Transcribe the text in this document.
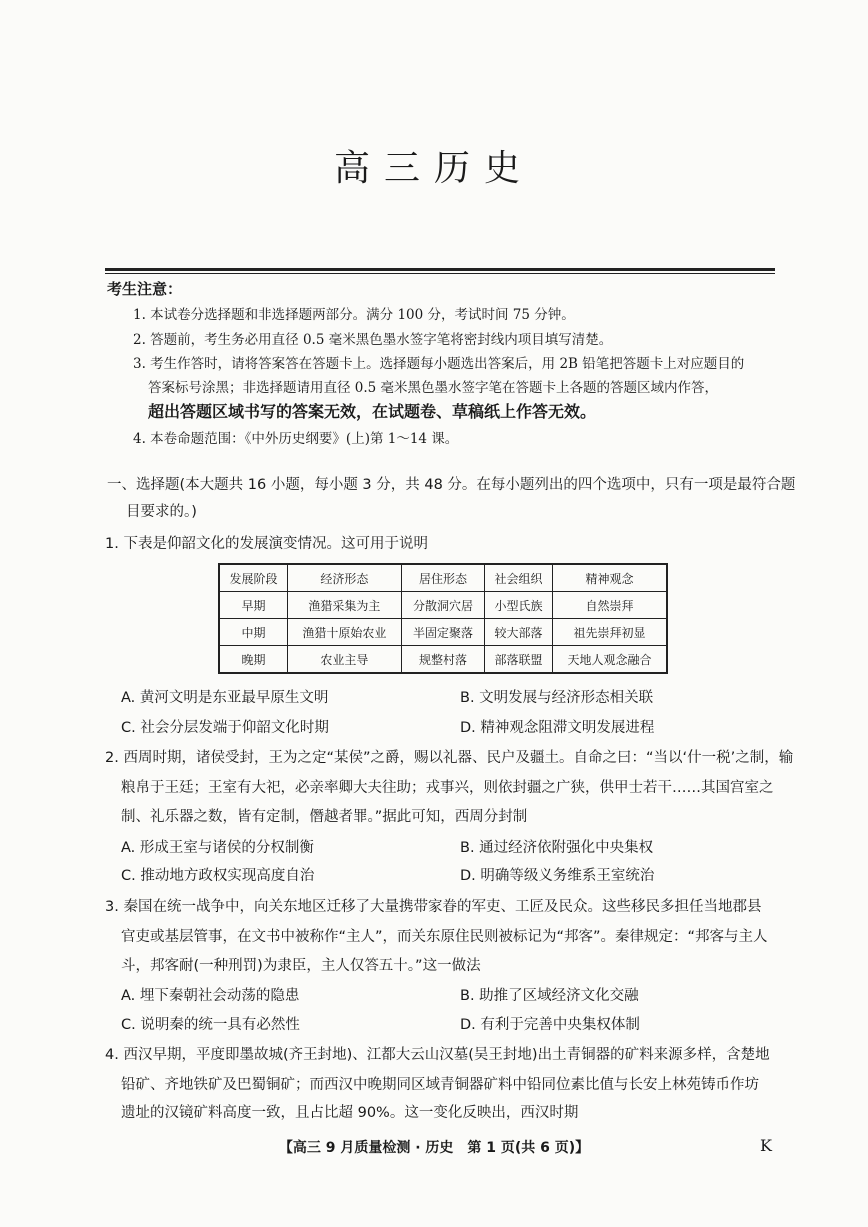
高三历史
考生注意：
1. 本试卷分选择题和非选择题两部分。满分 100 分，考试时间 75 分钟。
2. 答题前，考生务必用直径 0.5 毫米黑色墨水签字笔将密封线内项目填写清楚。
3. 考生作答时，请将答案答在答题卡上。选择题每小题选出答案后，用 2B 铅笔把答题卡上对应题目的
答案标号涂黑；非选择题请用直径 0.5 毫米黑色墨水签字笔在答题卡上各题的答题区域内作答，
超出答题区域书写的答案无效，在试题卷、草稿纸上作答无效。
4. 本卷命题范围：《中外历史纲要》(上)第 1～14 课。
一、选择题(本大题共 16 小题，每小题 3 分，共 48 分。在每小题列出的四个选项中，只有一项是最符合题
目要求的。)
1. 下表是仰韶文化的发展演变情况。这可用于说明
发展阶段	经济形态	居住形态	社会组织	精神观念
早期	渔猎采集为主	分散洞穴居	小型氏族	自然崇拜
中期	渔猎十原始农业	半固定聚落	较大部落	祖先崇拜初显
晚期	农业主导	规整村落	部落联盟	天地人观念融合
A. 黄河文明是东亚最早原生文明	B. 文明发展与经济形态相关联
C. 社会分层发端于仰韶文化时期	D. 精神观念阻滞文明发展进程
2. 西周时期，诸侯受封，王为之定“某侯”之爵，赐以礼器、民户及疆土。自命之曰：“当以‘什一税’之制，输
粮帛于王廷；王室有大祀，必亲率卿大夫往助；戎事兴，则依封疆之广狭，供甲士若干……其国宫室之
制、礼乐器之数，皆有定制，僭越者罪。”据此可知，西周分封制
A. 形成王室与诸侯的分权制衡	B. 通过经济依附强化中央集权
C. 推动地方政权实现高度自治	D. 明确等级义务维系王室统治
3. 秦国在统一战争中，向关东地区迁移了大量携带家眷的军吏、工匠及民众。这些移民多担任当地郡县
官吏或基层管事，在文书中被称作“主人”，而关东原住民则被标记为“邦客”。秦律规定：“邦客与主人
斗，邦客耐(一种刑罚)为隶臣，主人仅答五十。”这一做法
A. 埋下秦朝社会动荡的隐患	B. 助推了区域经济文化交融
C. 说明秦的统一具有必然性	D. 有利于完善中央集权体制
4. 西汉早期，平度即墨故城(齐王封地)、江都大云山汉墓(吴王封地)出土青铜器的矿料来源多样，含楚地
铅矿、齐地铁矿及巴蜀铜矿；而西汉中晚期同区域青铜器矿料中铅同位素比值与长安上林苑铸币作坊
遗址的汉镜矿料高度一致，且占比超 90%。这一变化反映出，西汉时期
【高三 9 月质量检测 · 历史　第 1 页(共 6 页)】	K
